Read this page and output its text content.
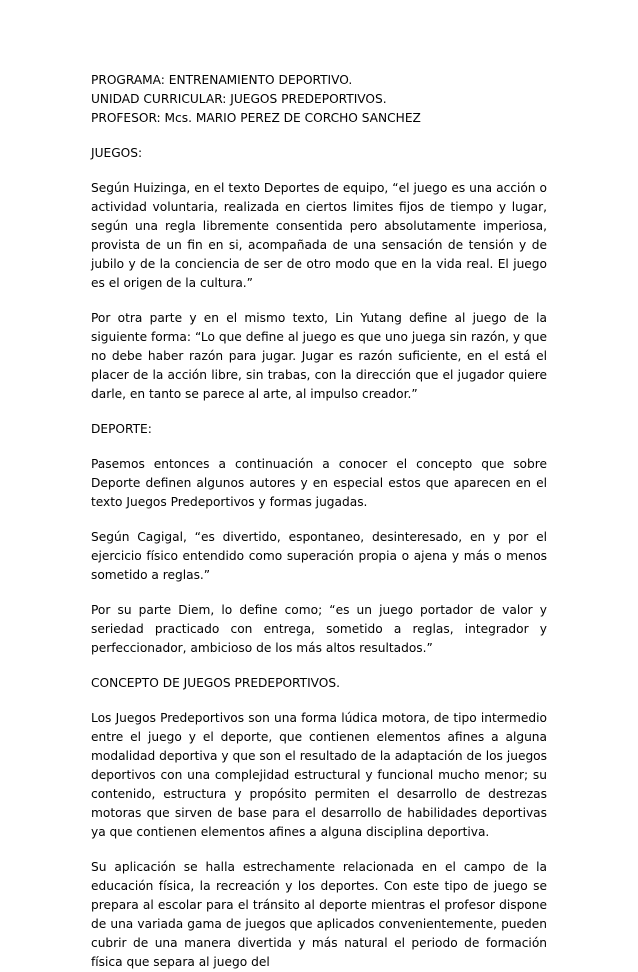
PROGRAMA: ENTRENAMIENTO DEPORTIVO.

UNIDAD CURRICULAR: JUEGOS PREDEPORTIVOS.

PROFESOR: Mcs. MARIO PEREZ DE CORCHO SANCHEZ

JUEGOS:

Según Huizinga, en el texto Deportes de equipo, “el juego es una acción o actividad voluntaria, realizada en ciertos limites fijos de tiempo y lugar, según una regla libremente consentida pero absolutamente imperiosa, provista de un fin en si, acompañada de una sensación de tensión y de jubilo y de la conciencia de ser de otro modo que en la vida real. El juego es el origen de la cultura.”

Por otra parte y en el mismo texto, Lin Yutang define al juego de la siguiente forma: “Lo que define al juego es que uno juega sin razón, y que no debe haber razón para jugar. Jugar es razón suficiente, en el está el placer de la acción libre, sin trabas, con la dirección que el jugador quiere darle, en tanto se parece al arte, al impulso creador.”

DEPORTE:

Pasemos entonces a continuación a conocer el concepto que sobre Deporte definen algunos autores y en especial estos que aparecen en el texto Juegos Predeportivos y formas jugadas.

Según Cagigal, “es divertido, espontaneo, desinteresado, en y por el ejercicio físico entendido como superación propia o ajena y más o menos sometido a reglas.”

Por su parte Diem, lo define como; “es un juego portador de valor y seriedad practicado con entrega, sometido a reglas, integrador y perfeccionador, ambicioso de los más altos resultados.”

CONCEPTO DE JUEGOS PREDEPORTIVOS.

Los Juegos Predeportivos son una forma lúdica motora, de tipo intermedio entre el juego y el deporte, que contienen elementos afines a alguna modalidad deportiva y que son el resultado de la adaptación de los juegos deportivos con una complejidad estructural y funcional mucho menor; su contenido, estructura y propósito permiten el desarrollo de destrezas motoras que sirven de base para el desarrollo de habilidades deportivas ya que contienen elementos afines a alguna disciplina deportiva.

Su aplicación se halla estrechamente relacionada en el campo de la educación física, la recreación y los deportes. Con este tipo de juego se prepara al escolar para el tránsito al deporte mientras el profesor dispone de una variada gama de juegos que aplicados convenientemente, pueden cubrir de una manera divertida y más natural el periodo de formación física que separa al juego del
